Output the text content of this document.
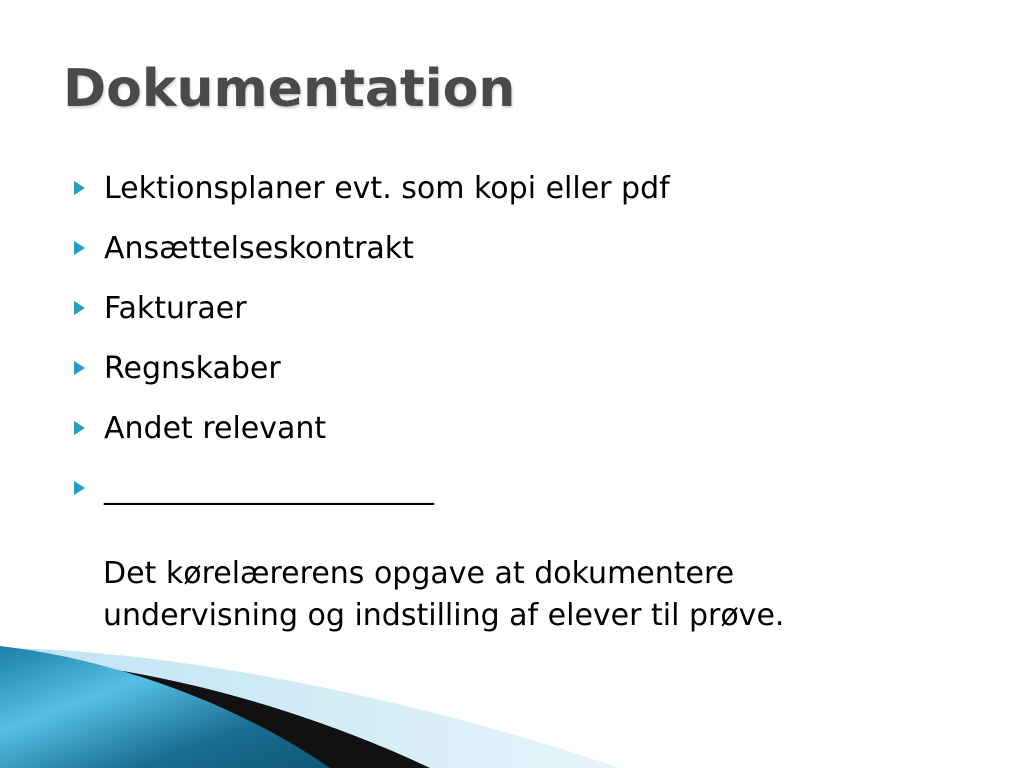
Dokumentation
Lektionsplaner evt. som kopi eller pdf
Ansættelseskontrakt
Fakturaer
Regnskaber
Andet relevant
______________________

Det kørelærerens opgave at dokumentere
undervisning og indstilling af elever til prøve.
